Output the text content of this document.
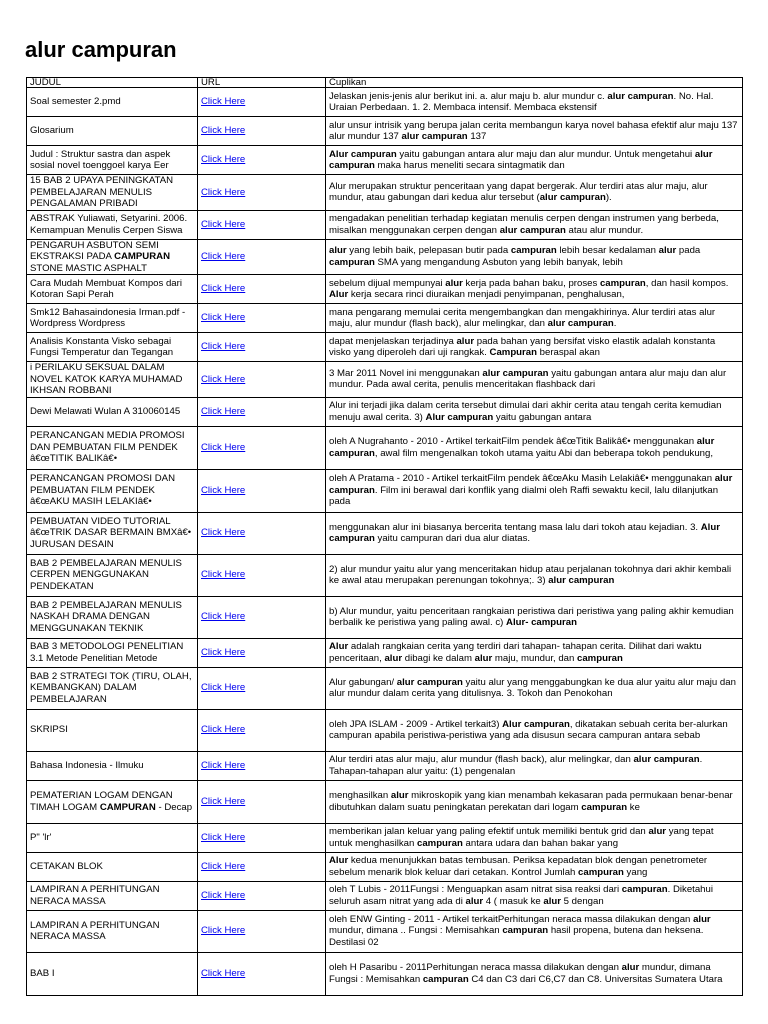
alur campuran
JUDUL	URL	Cuplikan
Soal semester 2.pmd	Click Here	Jelaskan jenis-jenis alur berikut ini. a. alur maju b. alur mundur c. alur campuran. No. Hal. Uraian Perbedaan. 1. 2. Membaca intensif. Membaca ekstensif
Glosarium	Click Here	alur unsur intrisik yang berupa jalan cerita membangun karya novel bahasa efektif alur maju 137 alur mundur 137 alur campuran 137
Judul : Struktur sastra dan aspek sosial novel toenggoel karya Eer	Click Here	Alur campuran yaitu gabungan antara alur maju dan alur mundur. Untuk mengetahui alur campuran maka harus meneliti secara sintagmatik dan
15 BAB 2 UPAYA PENINGKATAN PEMBELAJARAN MENULIS PENGALAMAN PRIBADI	Click Here	Alur merupakan struktur penceritaan yang dapat bergerak. Alur terdiri atas alur maju, alur mundur, atau gabungan dari kedua alur tersebut (alur campuran).
ABSTRAK Yuliawati, Setyarini. 2006. Kemampuan Menulis Cerpen Siswa	Click Here	mengadakan penelitian terhadap kegiatan menulis cerpen dengan instrumen yang berbeda, misalkan menggunakan cerpen dengan alur campuran atau alur mundur.
PENGARUH ASBUTON SEMI EKSTRAKSI PADA CAMPURAN STONE MASTIC ASPHALT	Click Here	alur yang lebih baik, pelepasan butir pada campuran lebih besar kedalaman alur pada campuran SMA yang mengandung Asbuton yang lebih banyak, lebih
Cara Mudah Membuat Kompos dari Kotoran Sapi Perah	Click Here	sebelum dijual mempunyai alur kerja pada bahan baku, proses campuran, dan hasil kompos. Alur kerja secara rinci diuraikan menjadi penyimpanan, penghalusan,
Smk12 Bahasaindonesia Irman.pdf - Wordpress Wordpress	Click Here	mana pengarang memulai cerita mengembangkan dan mengakhirinya. Alur terdiri atas alur maju, alur mundur (flash back), alur melingkar, dan alur campuran.
Analisis Konstanta Visko sebagai Fungsi Temperatur dan Tegangan	Click Here	dapat menjelaskan terjadinya alur pada bahan yang bersifat visko elastik adalah konstanta visko yang diperoleh dari uji rangkak. Campuran beraspal akan
i PERILAKU SEKSUAL DALAM NOVEL KATOK KARYA MUHAMAD IKHSAN ROBBANI	Click Here	3 Mar 2011 Novel ini menggunakan alur campuran yaitu gabungan antara alur maju dan alur mundur. Pada awal cerita, penulis menceritakan flashback dari
Dewi Melawati Wulan A 310060145	Click Here	Alur ini terjadi jika dalam cerita tersebut dimulai dari akhir cerita atau tengah cerita kemudian menuju awal cerita. 3) Alur campuran yaitu gabungan antara
PERANCANGAN MEDIA PROMOSI DAN PEMBUATAN FILM PENDEK â€œTITIK BALIKâ€•	Click Here	oleh A Nugrahanto - 2010 - Artikel terkaitFilm pendek â€œTitik Balikâ€• menggunakan alur campuran, awal film mengenalkan tokoh utama yaitu Abi dan beberapa tokoh pendukung,
PERANCANGAN PROMOSI DAN PEMBUATAN FILM PENDEK â€œAKU MASIH LELAKIâ€•	Click Here	oleh A Pratama - 2010 - Artikel terkaitFilm pendek â€œAku Masih Lelakiâ€• menggunakan alur campuran. Film ini berawal dari konflik yang dialmi oleh Raffi sewaktu kecil, lalu dilanjutkan pada
PEMBUATAN VIDEO TUTORIAL â€œTRIK DASAR BERMAIN BMXâ€• JURUSAN DESAIN	Click Here	menggunakan alur ini biasanya bercerita tentang masa lalu dari tokoh atau kejadian. 3. Alur campuran yaitu campuran dari dua alur diatas.
BAB 2 PEMBELAJARAN MENULIS CERPEN MENGGUNAKAN PENDEKATAN	Click Here	2) alur mundur yaitu alur yang menceritakan hidup atau perjalanan tokohnya dari akhir kembali ke awal atau merupakan perenungan tokohnya;. 3) alur campuran
BAB 2 PEMBELAJARAN MENULIS NASKAH DRAMA DENGAN MENGGUNAKAN TEKNIK	Click Here	b) Alur mundur, yaitu penceritaan rangkaian peristiwa dari peristiwa yang paling akhir kemudian berbalik ke peristiwa yang paling awal. c) Alur- campuran
BAB 3 METODOLOGI PENELITIAN 3.1 Metode Penelitian Metode	Click Here	Alur adalah rangkaian cerita yang terdiri dari tahapan- tahapan cerita. Dilihat dari waktu penceritaan, alur dibagi ke dalam alur maju, mundur, dan campuran
BAB 2 STRATEGI TOK (TIRU, OLAH, KEMBANGKAN) DALAM PEMBELAJARAN	Click Here	Alur gabungan/ alur campuran yaitu alur yang menggabungkan ke dua alur yaitu alur maju dan alur mundur dalam cerita yang ditulisnya. 3. Tokoh dan Penokohan
SKRIPSI	Click Here	oleh JPA ISLAM - 2009 - Artikel terkait3) Alur campuran, dikatakan sebuah cerita ber-alurkan campuran apabila peristiwa-peristiwa yang ada disusun secara campuran antara sebab
Bahasa Indonesia - Ilmuku	Click Here	Alur terdiri atas alur maju, alur mundur (flash back), alur melingkar, dan alur campuran. Tahapan-tahapan alur yaitu: (1) pengenalan
PEMATERIAN LOGAM DENGAN TIMAH LOGAM CAMPURAN - Decap	Click Here	menghasilkan alur mikroskopik yang kian menambah kekasaran pada permukaan benar-benar dibutuhkan dalam suatu peningkatan perekatan dari logam campuran ke
P" 'lr'	Click Here	memberikan jalan keluar yang paling efektif untuk memiliki bentuk grid dan alur yang tepat untuk menghasilkan campuran antara udara dan bahan bakar yang
CETAKAN BLOK	Click Here	Alur kedua menunjukkan batas tembusan. Periksa kepadatan blok dengan penetrometer sebelum menarik blok keluar dari cetakan. Kontrol Jumlah campuran yang
LAMPIRAN A PERHITUNGAN NERACA MASSA	Click Here	oleh T Lubis - 2011Fungsi : Menguapkan asam nitrat sisa reaksi dari campuran. Diketahui seluruh asam nitrat yang ada di alur 4 ( masuk ke alur 5 dengan
LAMPIRAN A PERHITUNGAN NERACA MASSA	Click Here	oleh ENW Ginting - 2011 - Artikel terkaitPerhitungan neraca massa dilakukan dengan alur mundur, dimana .. Fungsi : Memisahkan campuran hasil propena, butena dan heksena. Destilasi 02
BAB I	Click Here	oleh H Pasaribu - 2011Perhitungan neraca massa dilakukan dengan alur mundur, dimana Fungsi : Memisahkan campuran C4 dan C3 dari C6,C7 dan C8. Universitas Sumatera Utara
